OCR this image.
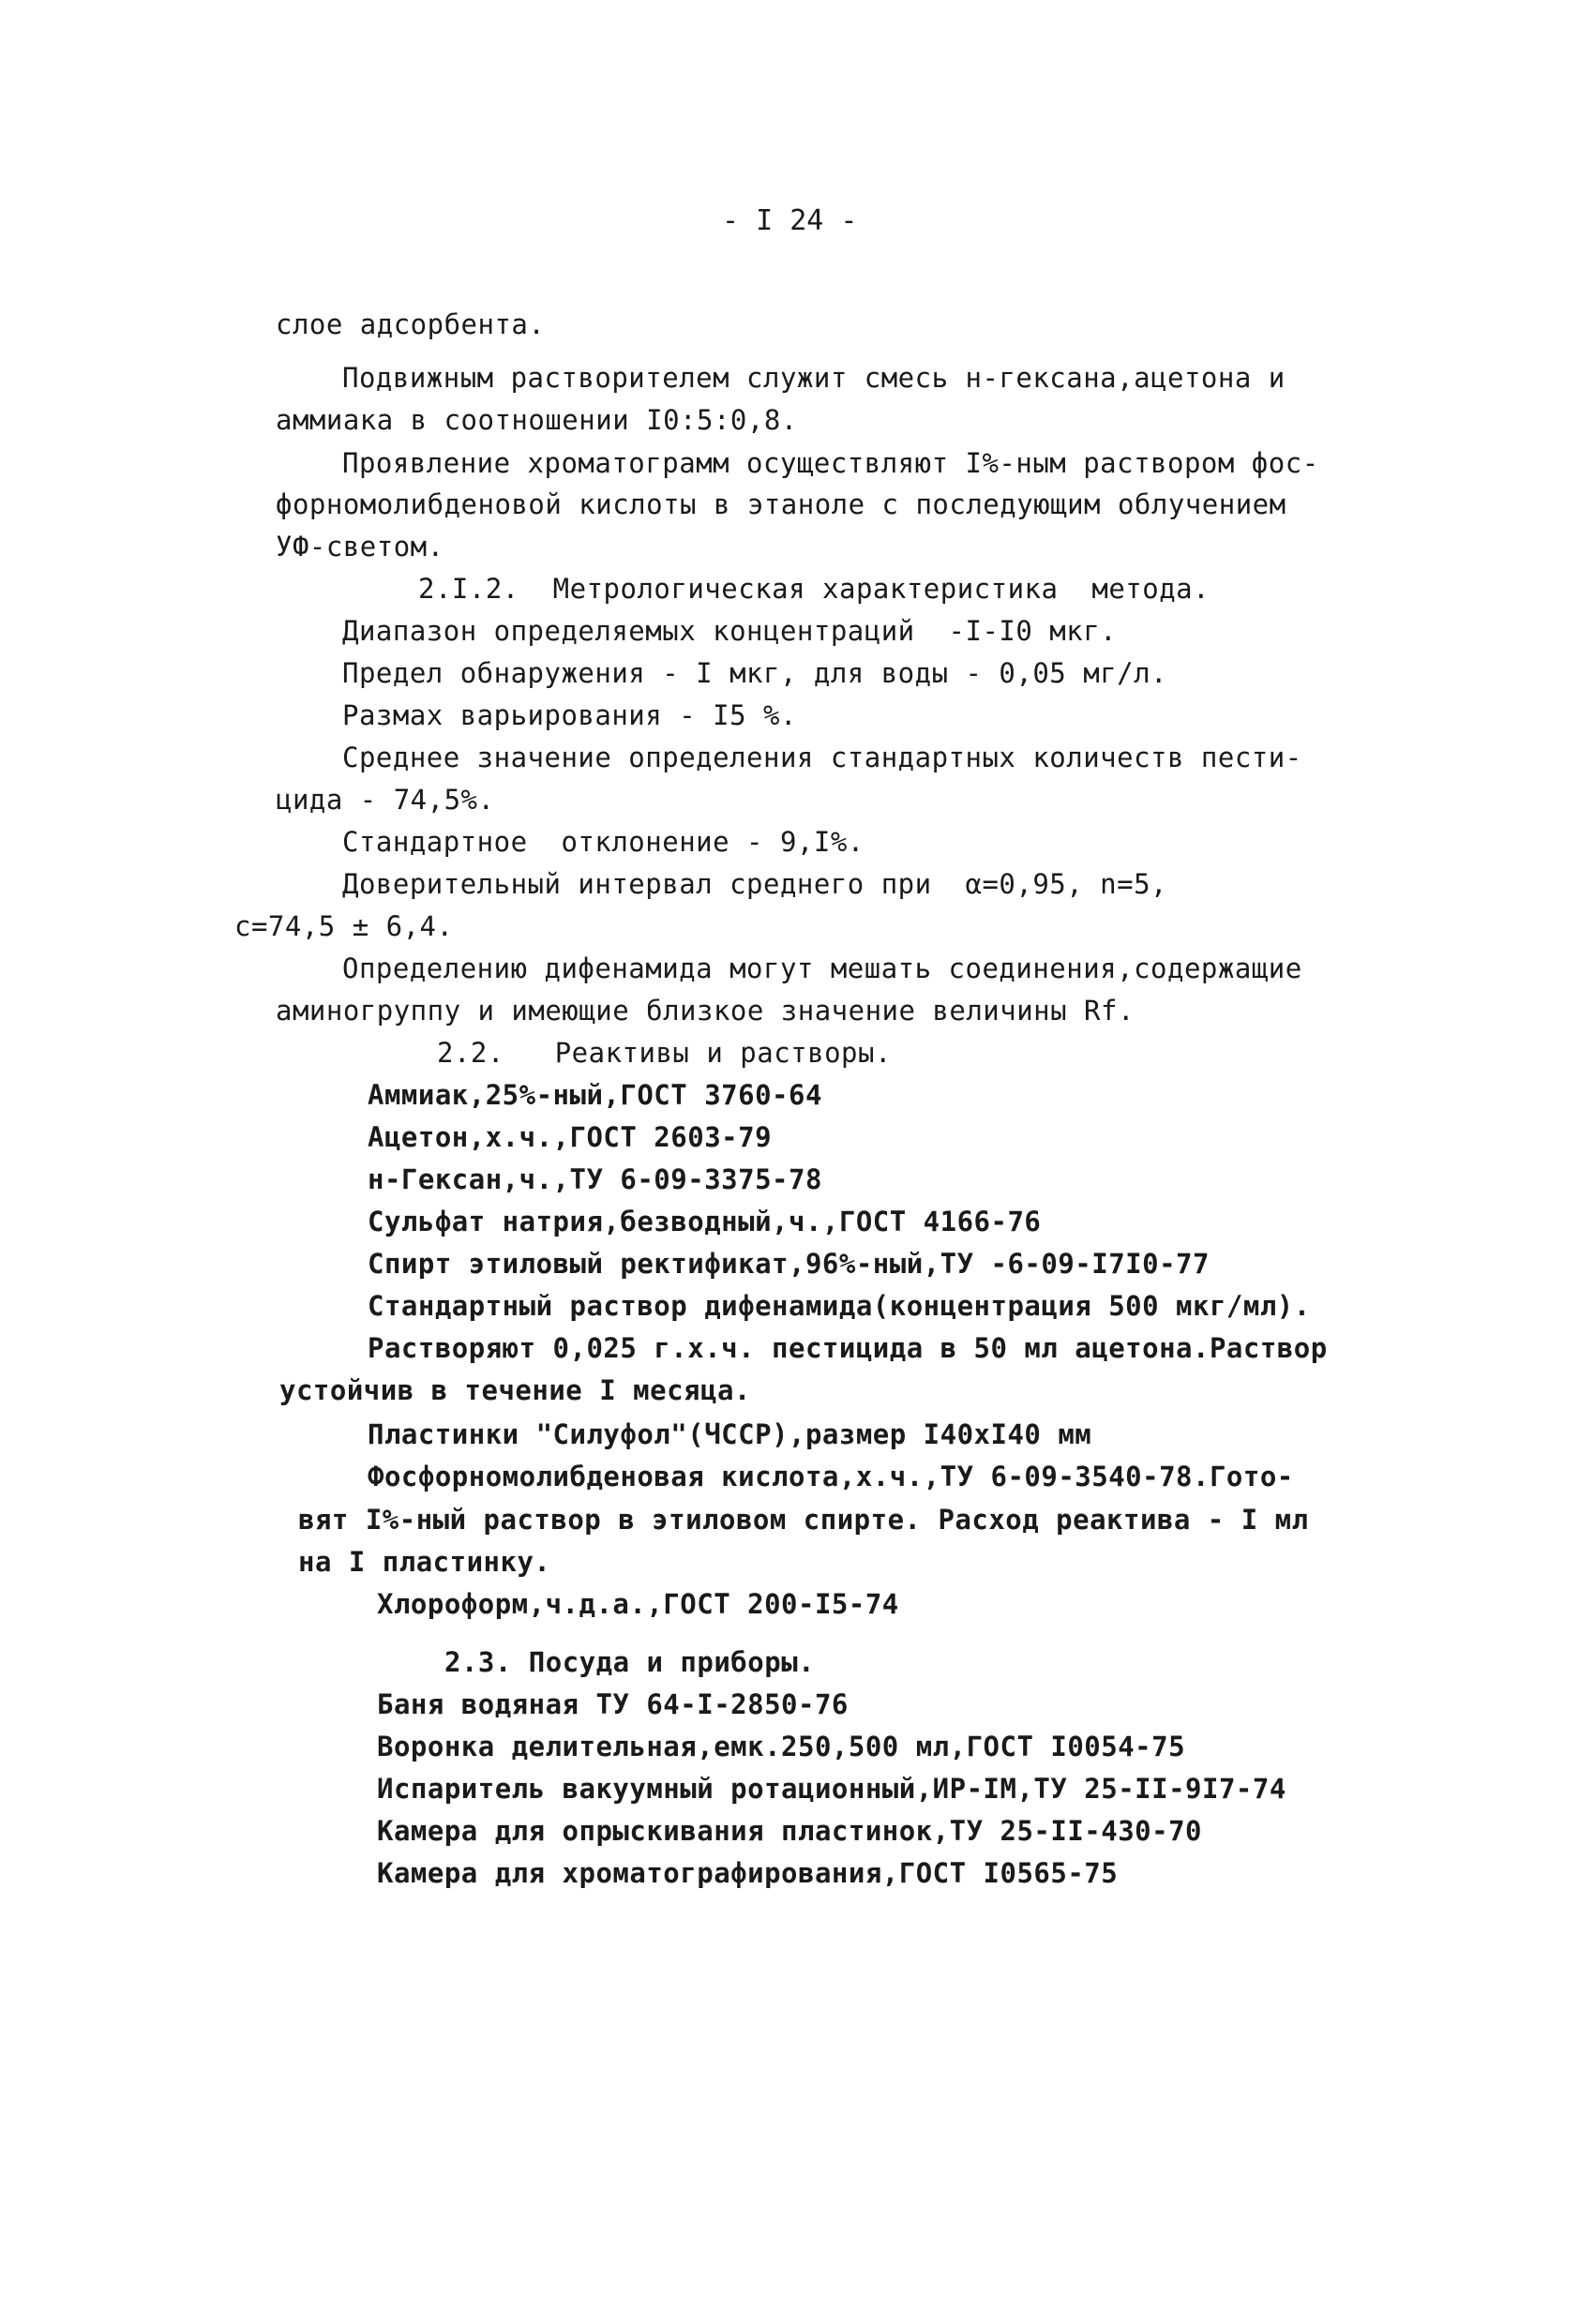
- I 24 -
слое адсорбента.
Подвижным растворителем служит смесь н-гексана,ацетона и
аммиака в соотношении I0:5:0,8.
Проявление хроматограмм осуществляют I%-ным раствором фос-
форномолибденовой кислоты в этаноле с последующим облучением
УФ-светом.
2.I.2.  Метрологическая характеристика  метода.
Диапазон определяемых концентраций  -I-I0 мкг.
Предел обнаружения - I мкг, для воды - 0,05 мг/л.
Размах варьирования - I5 %.
Среднее значение определения стандартных количеств пести-
цида - 74,5%.
Стандартное  отклонение - 9,I%.
Доверительный интервал среднего при  α=0,95, n=5,
c=74,5 ± 6,4.
Определению дифенамида могут мешать соединения,содержащие
аминогруппу и имеющие близкое значение величины Rf.
2.2.   Реактивы и растворы.
Аммиак,25%-ный,ГОСТ 3760-64
Ацетон,х.ч.,ГОСТ 2603-79
н-Гексан,ч.,ТУ 6-09-3375-78
Сульфат натрия,безводный,ч.,ГОСТ 4166-76
Спирт этиловый ректификат,96%-ный,ТУ -6-09-I7I0-77
Стандартный раствор дифенамида(концентрация 500 мкг/мл).
Растворяют 0,025 г.х.ч. пестицида в 50 мл ацетона.Раствор
устойчив в течение I месяца.
Пластинки "Силуфол"(ЧССР),размер I40xI40 мм
Фосфорномолибденовая кислота,х.ч.,ТУ 6-09-3540-78.Гото-
вят I%-ный раствор в этиловом спирте. Расход реактива - I мл
на I пластинку.
Хлороформ,ч.д.а.,ГОСТ 200-I5-74
2.3. Посуда и приборы.
Баня водяная ТУ 64-I-2850-76
Воронка делительная,емк.250,500 мл,ГОСТ I0054-75
Испаритель вакуумный ротационный,ИР-IМ,ТУ 25-II-9I7-74
Камера для опрыскивания пластинок,ТУ 25-II-430-70
Камера для хроматографирования,ГОСТ I0565-75
